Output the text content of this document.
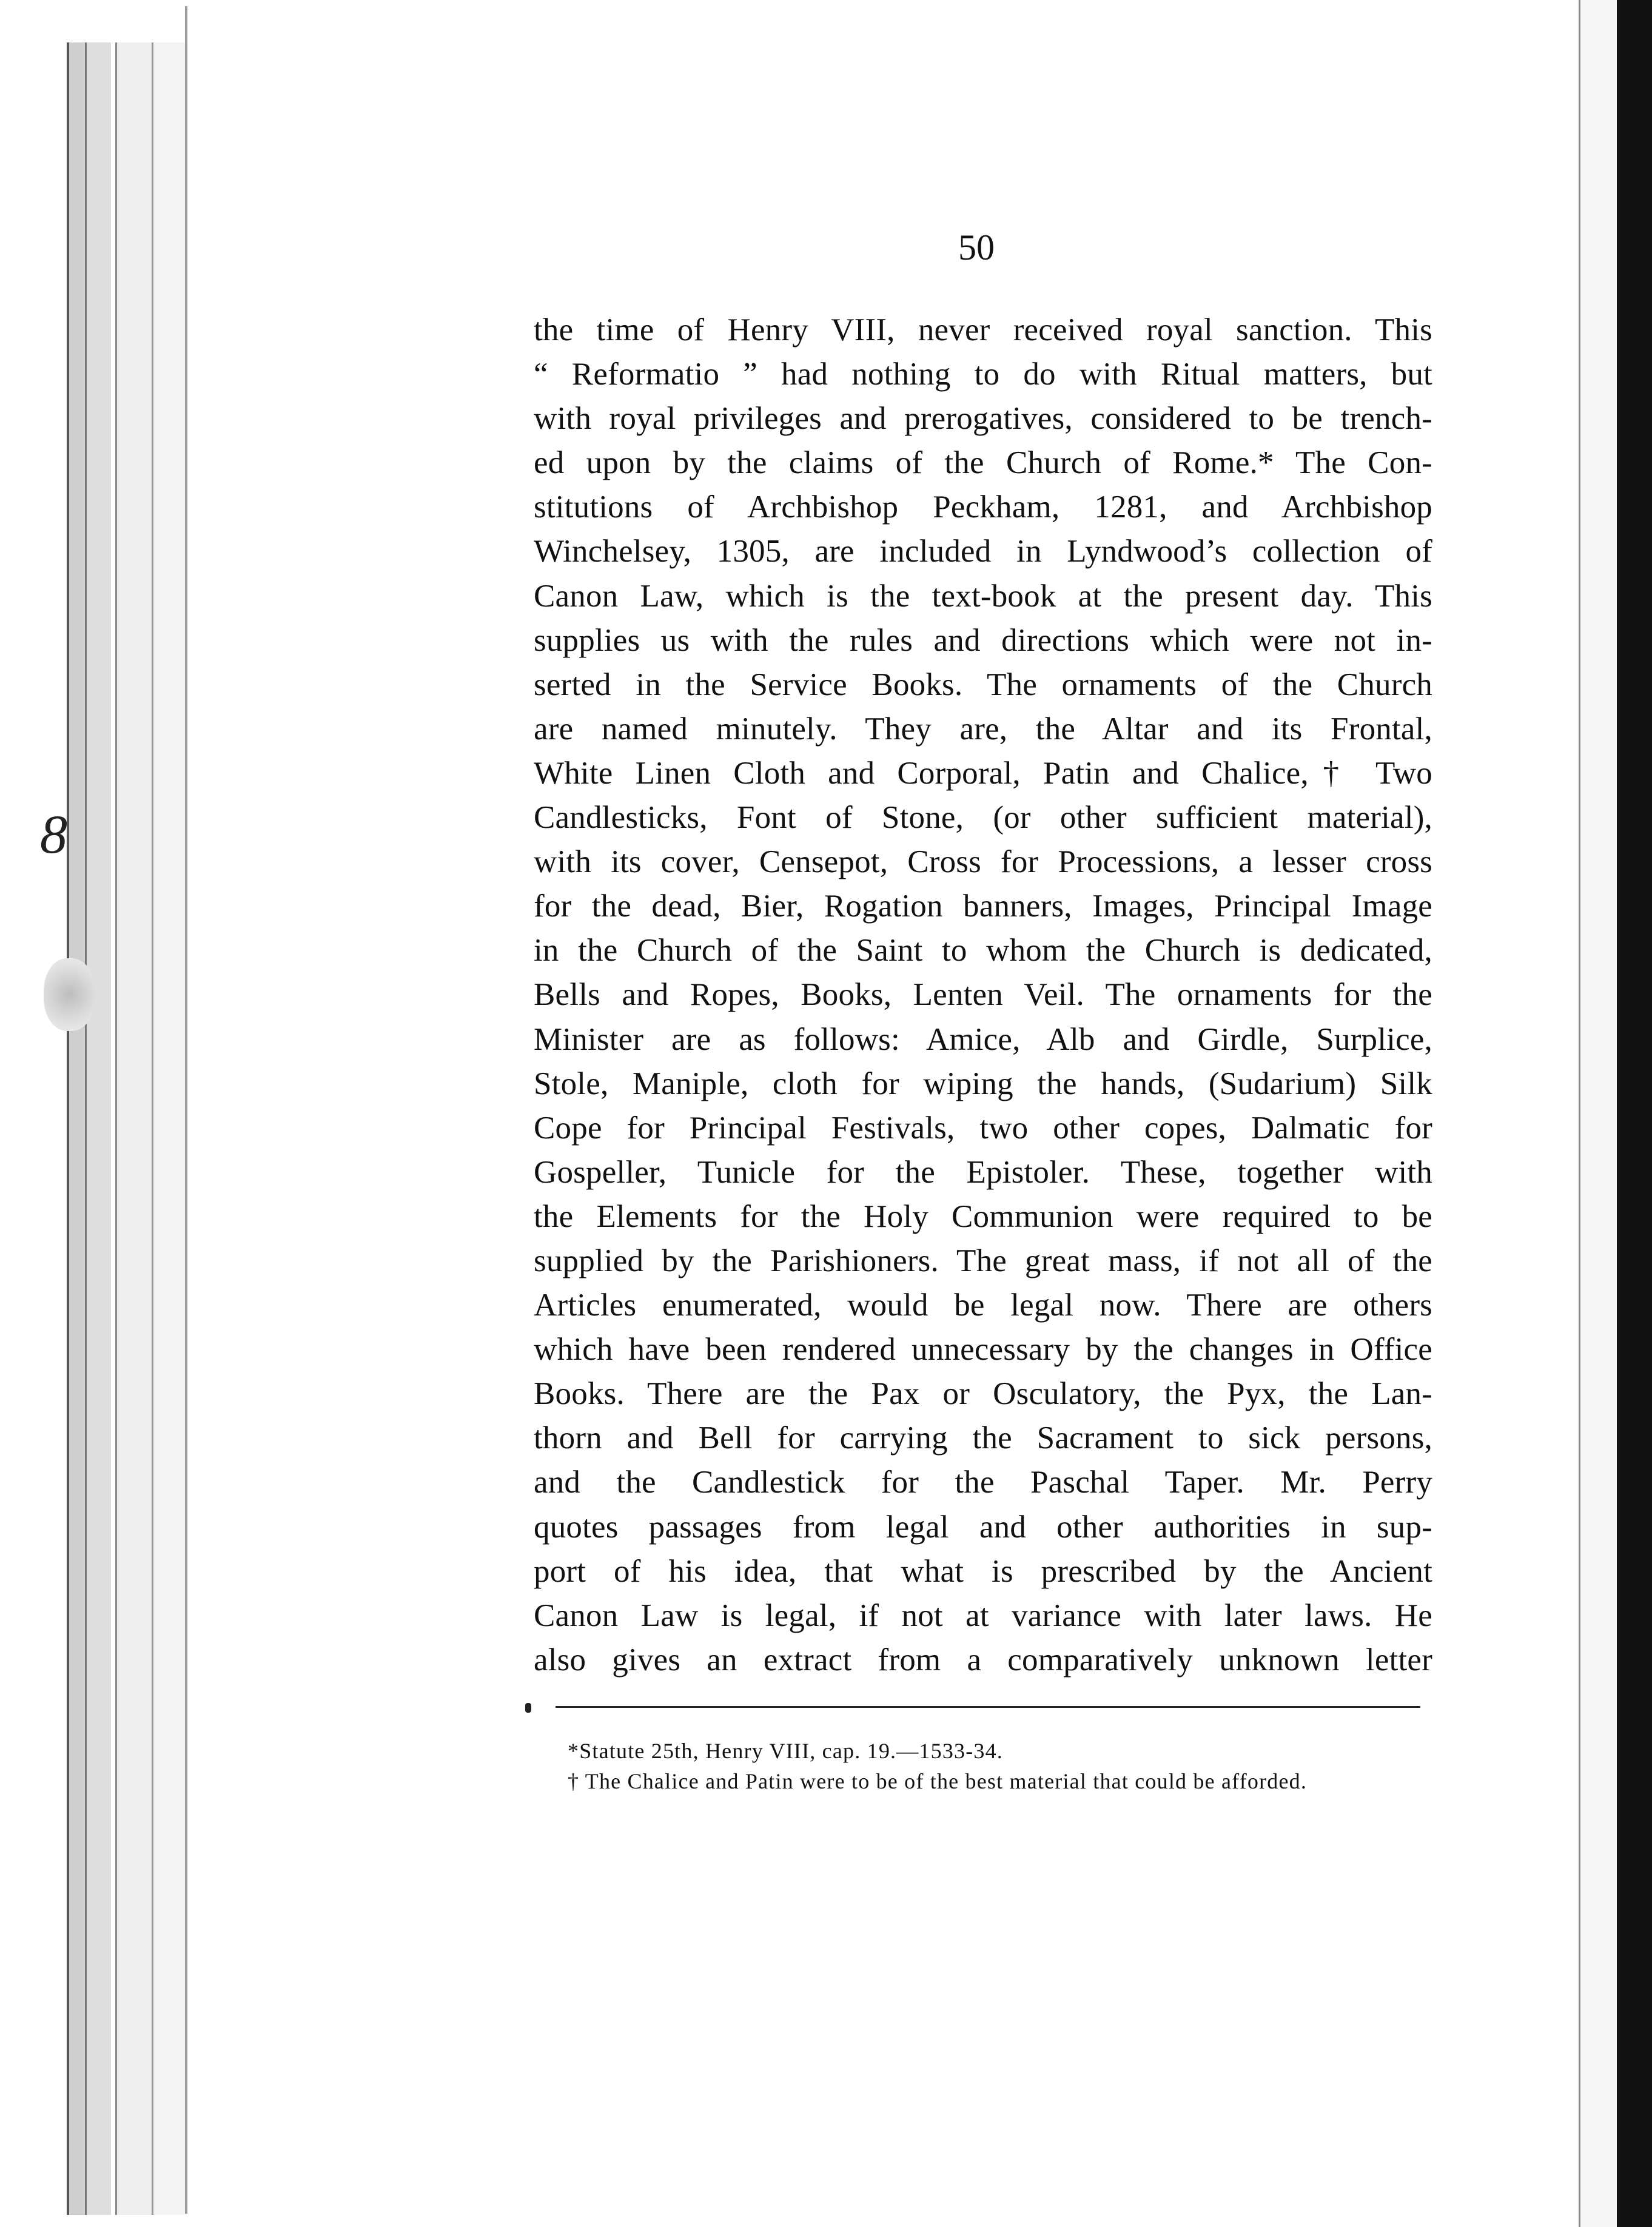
8
50
the time of Henry VIII, never received royal sanction. This
“ Reformatio ” had nothing to do with Ritual matters, but
with royal privileges and prerogatives, considered to be trench-
ed upon by the claims of the Church of Rome.* The Con-
stitutions of Archbishop Peckham, 1281, and Archbishop
Winchelsey, 1305, are included in Lyndwood’s collection of
Canon Law, which is the text-book at the present day. This
supplies us with the rules and directions which were not in-
serted in the Service Books. The ornaments of the Church
are named minutely. They are, the Altar and its Frontal,
White Linen Cloth and Corporal, Patin and Chalice,† Two
Candlesticks, Font of Stone, (or other sufficient material),
with its cover, Censepot, Cross for Processions, a lesser cross
for the dead, Bier, Rogation banners, Images, Principal Image
in the Church of the Saint to whom the Church is dedicated,
Bells and Ropes, Books, Lenten Veil. The ornaments for the
Minister are as follows: Amice, Alb and Girdle, Surplice,
Stole, Maniple, cloth for wiping the hands, (Sudarium) Silk
Cope for Principal Festivals, two other copes, Dalmatic for
Gospeller, Tunicle for the Epistoler. These, together with
the Elements for the Holy Communion were required to be
supplied by the Parishioners. The great mass, if not all of the
Articles enumerated, would be legal now. There are others
which have been rendered unnecessary by the changes in Office
Books. There are the Pax or Osculatory, the Pyx, the Lan-
thorn and Bell for carrying the Sacrament to sick persons,
and the Candlestick for the Paschal Taper. Mr. Perry
quotes passages from legal and other authorities in sup-
port of his idea, that what is prescribed by the Ancient
Canon Law is legal, if not at variance with later laws. He
also gives an extract from a comparatively unknown letter
*Statute 25th, Henry VIII, cap. 19.—1533-34.
† The Chalice and Patin were to be of the best material that could be afforded.
